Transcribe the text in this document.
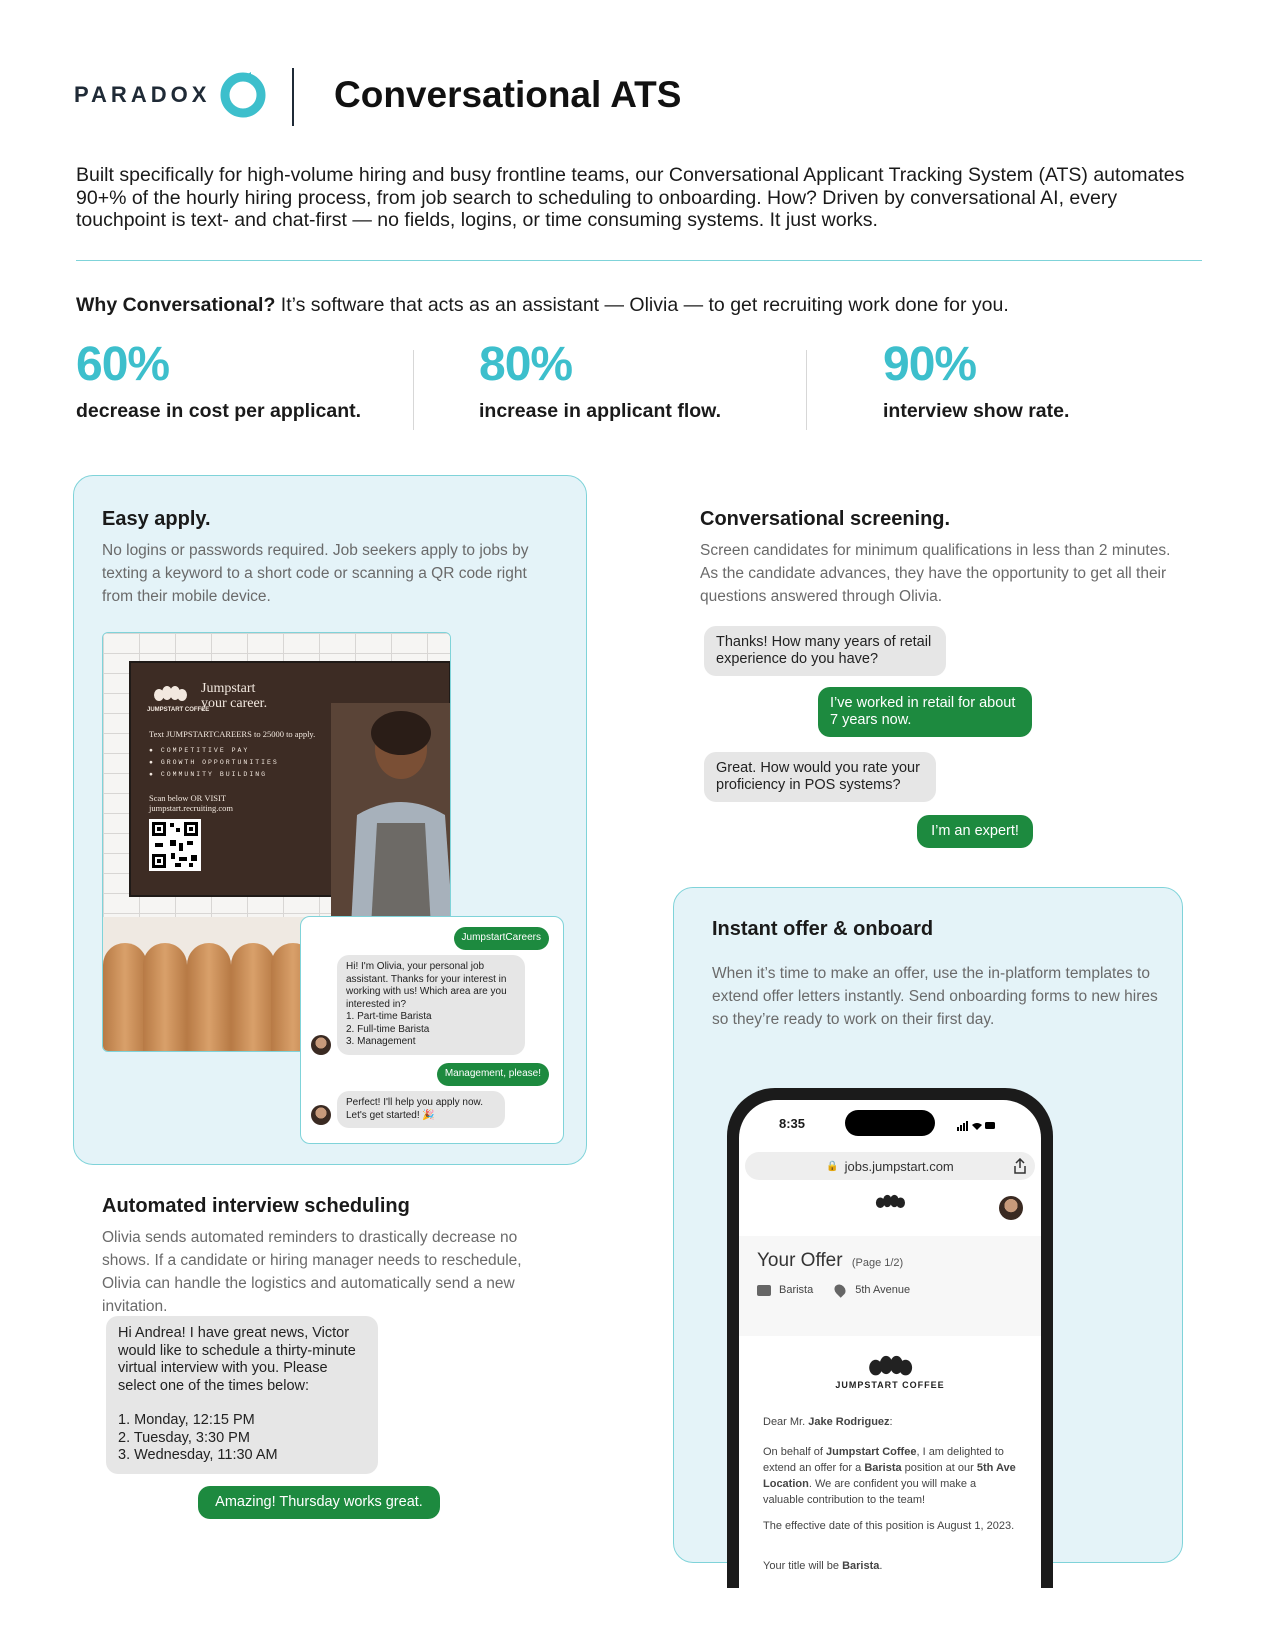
PARADOX	Conversational ATS
Built specifically for high-volume hiring and busy frontline teams, our Conversational Applicant Tracking System (ATS) automates 90+% of the hourly hiring process, from job search to scheduling to onboarding. How? Driven by conversational AI, every touchpoint is text- and chat-first — no fields, logins, or time consuming systems. It just works.
Why Conversational? It’s software that acts as an assistant — Olivia — to get recruiting work done for you.
60%
decrease in cost per applicant.
80%
increase in applicant flow.
90%
interview show rate.
Easy apply.
No logins or passwords required. Job seekers apply to jobs by texting a keyword to a short code or scanning a QR code right from their mobile device.
JUMPSTART COFFEE
Jumpstart
your career.
Text JUMPSTARTCAREERS to 25000 to apply.
● COMPETITIVE PAY
● GROWTH OPPORTUNITIES
● COMMUNITY BUILDING
Scan below OR VISIT
jumpstart.recruiting.com
JumpstartCareers
Hi! I'm Olivia, your personal job assistant. Thanks for your interest in working with us! Which area are you interested in?
1. Part-time Barista
2. Full-time Barista
3. Management
Management, please!
Perfect! I'll help you apply now. Let's get started! 🎉
Conversational screening.
Screen candidates for minimum qualifications in less than 2 minutes. As the candidate advances, they have the opportunity to get all their questions answered through Olivia.
Thanks! How many years of retail experience do you have?
I’ve worked in retail for about 7 years now.
Great. How would you rate your proficiency in POS systems?
I’m an expert!
Automated interview scheduling
Olivia sends automated reminders to drastically decrease no shows. If a candidate or hiring manager needs to reschedule, Olivia can handle the logistics and automatically send a new invitation.
Hi Andrea! I have great news, Victor would like to schedule a thirty-minute virtual interview with you. Please select one of the times below:
1. Monday, 12:15 PM
2. Tuesday, 3:30 PM
3. Wednesday, 11:30 AM
Amazing! Thursday works great.
Instant offer & onboard
When it’s time to make an offer, use the in-platform templates to extend offer letters instantly. Send onboarding forms to new hires so they’re ready to work on their first day.
8:35
🔒 jobs.jumpstart.com
Your Offer (Page 1/2)
Barista	5th Avenue
JUMPSTART COFFEE
Dear Mr. Jake Rodriguez:
On behalf of Jumpstart Coffee, I am delighted to extend an offer for a Barista position at our 5th Ave Location. We are confident you will make a valuable contribution to the team!
The effective date of this position is August 1, 2023.
Your title will be Barista.
